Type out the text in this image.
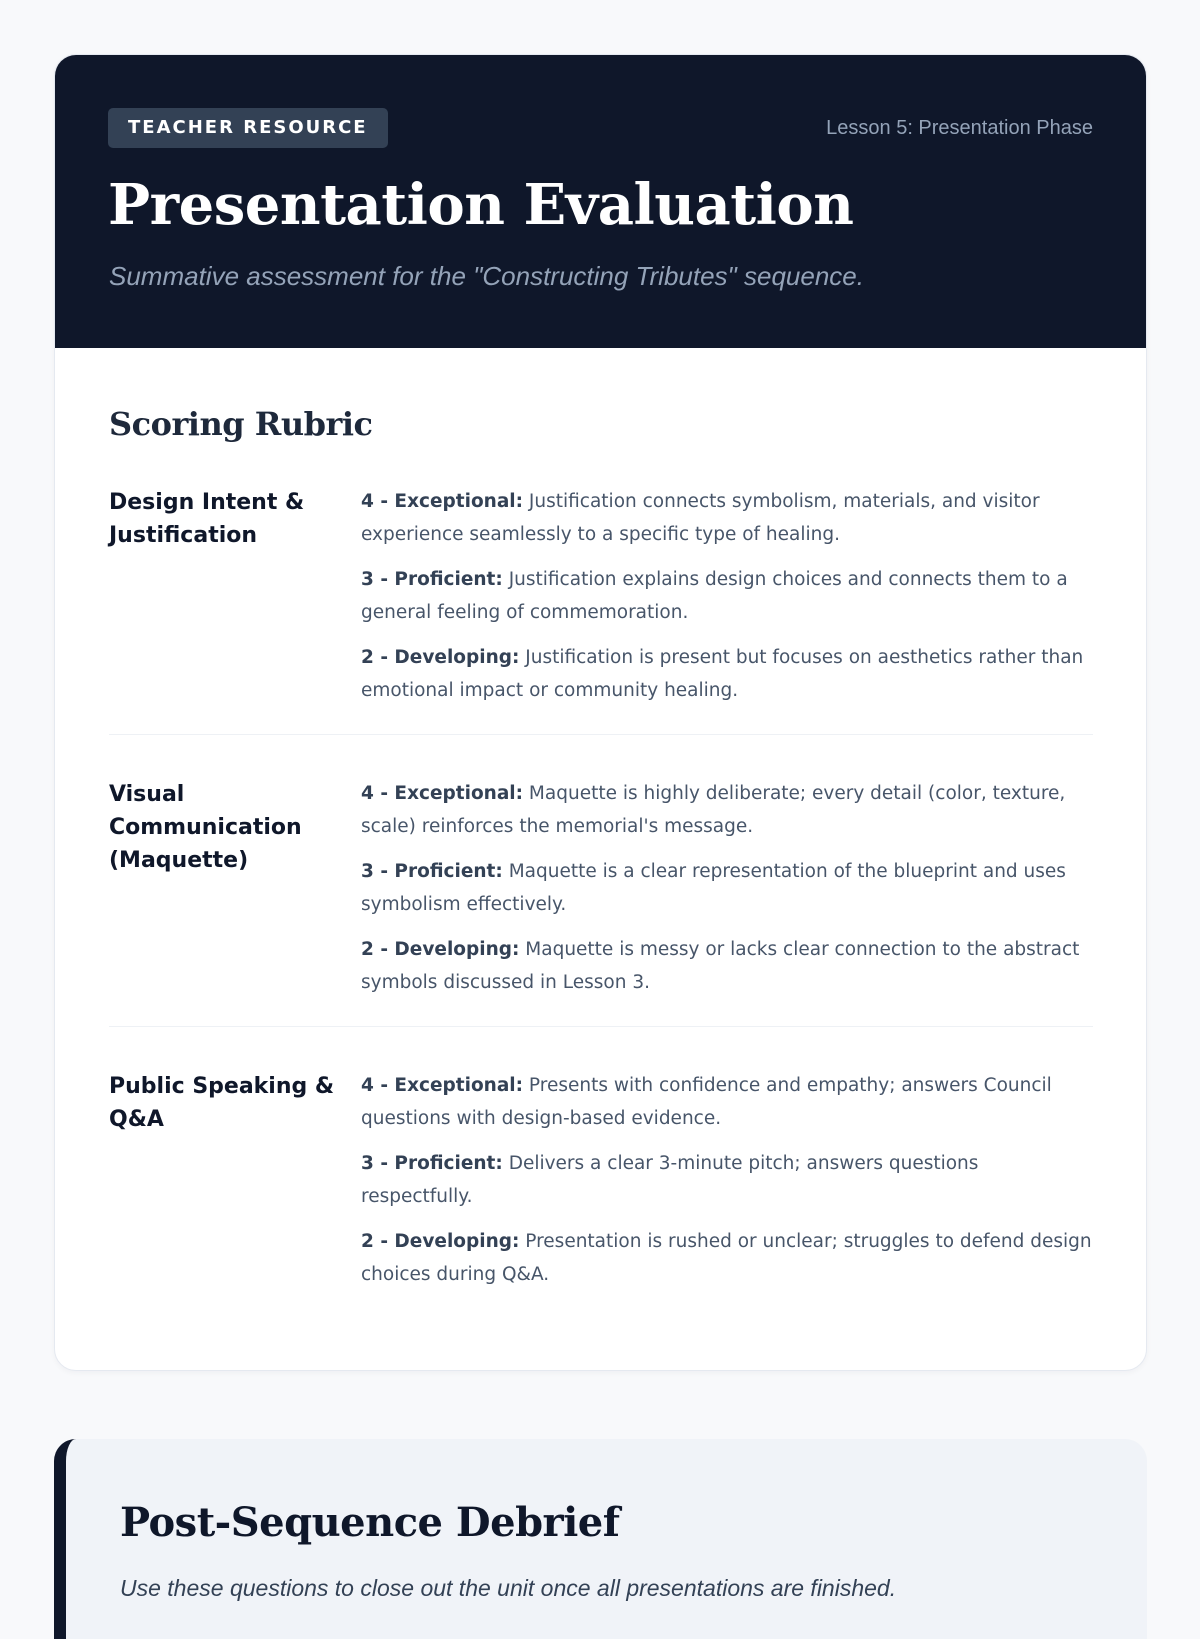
TEACHER RESOURCE	Lesson 5: Presentation Phase
Presentation Evaluation
Summative assessment for the "Constructing Tributes" sequence.
Scoring Rubric
Design Intent & Justification

4 - Exceptional: Justification connects symbolism, materials, and visitor experience seamlessly to a specific type of healing.

3 - Proficient: Justification explains design choices and connects them to a general feeling of commemoration.

2 - Developing: Justification is present but focuses on aesthetics rather than emotional impact or community healing.

Visual Communication (Maquette)

4 - Exceptional: Maquette is highly deliberate; every detail (color, texture, scale) reinforces the memorial's message.

3 - Proficient: Maquette is a clear representation of the blueprint and uses symbolism effectively.

2 - Developing: Maquette is messy or lacks clear connection to the abstract symbols discussed in Lesson 3.

Public Speaking & Q&A

4 - Exceptional: Presents with confidence and empathy; answers Council questions with design-based evidence.

3 - Proficient: Delivers a clear 3-minute pitch; answers questions respectfully.

2 - Developing: Presentation is rushed or unclear; struggles to defend design choices during Q&A.

Post-Sequence Debrief

Use these questions to close out the unit once all presentations are finished.
